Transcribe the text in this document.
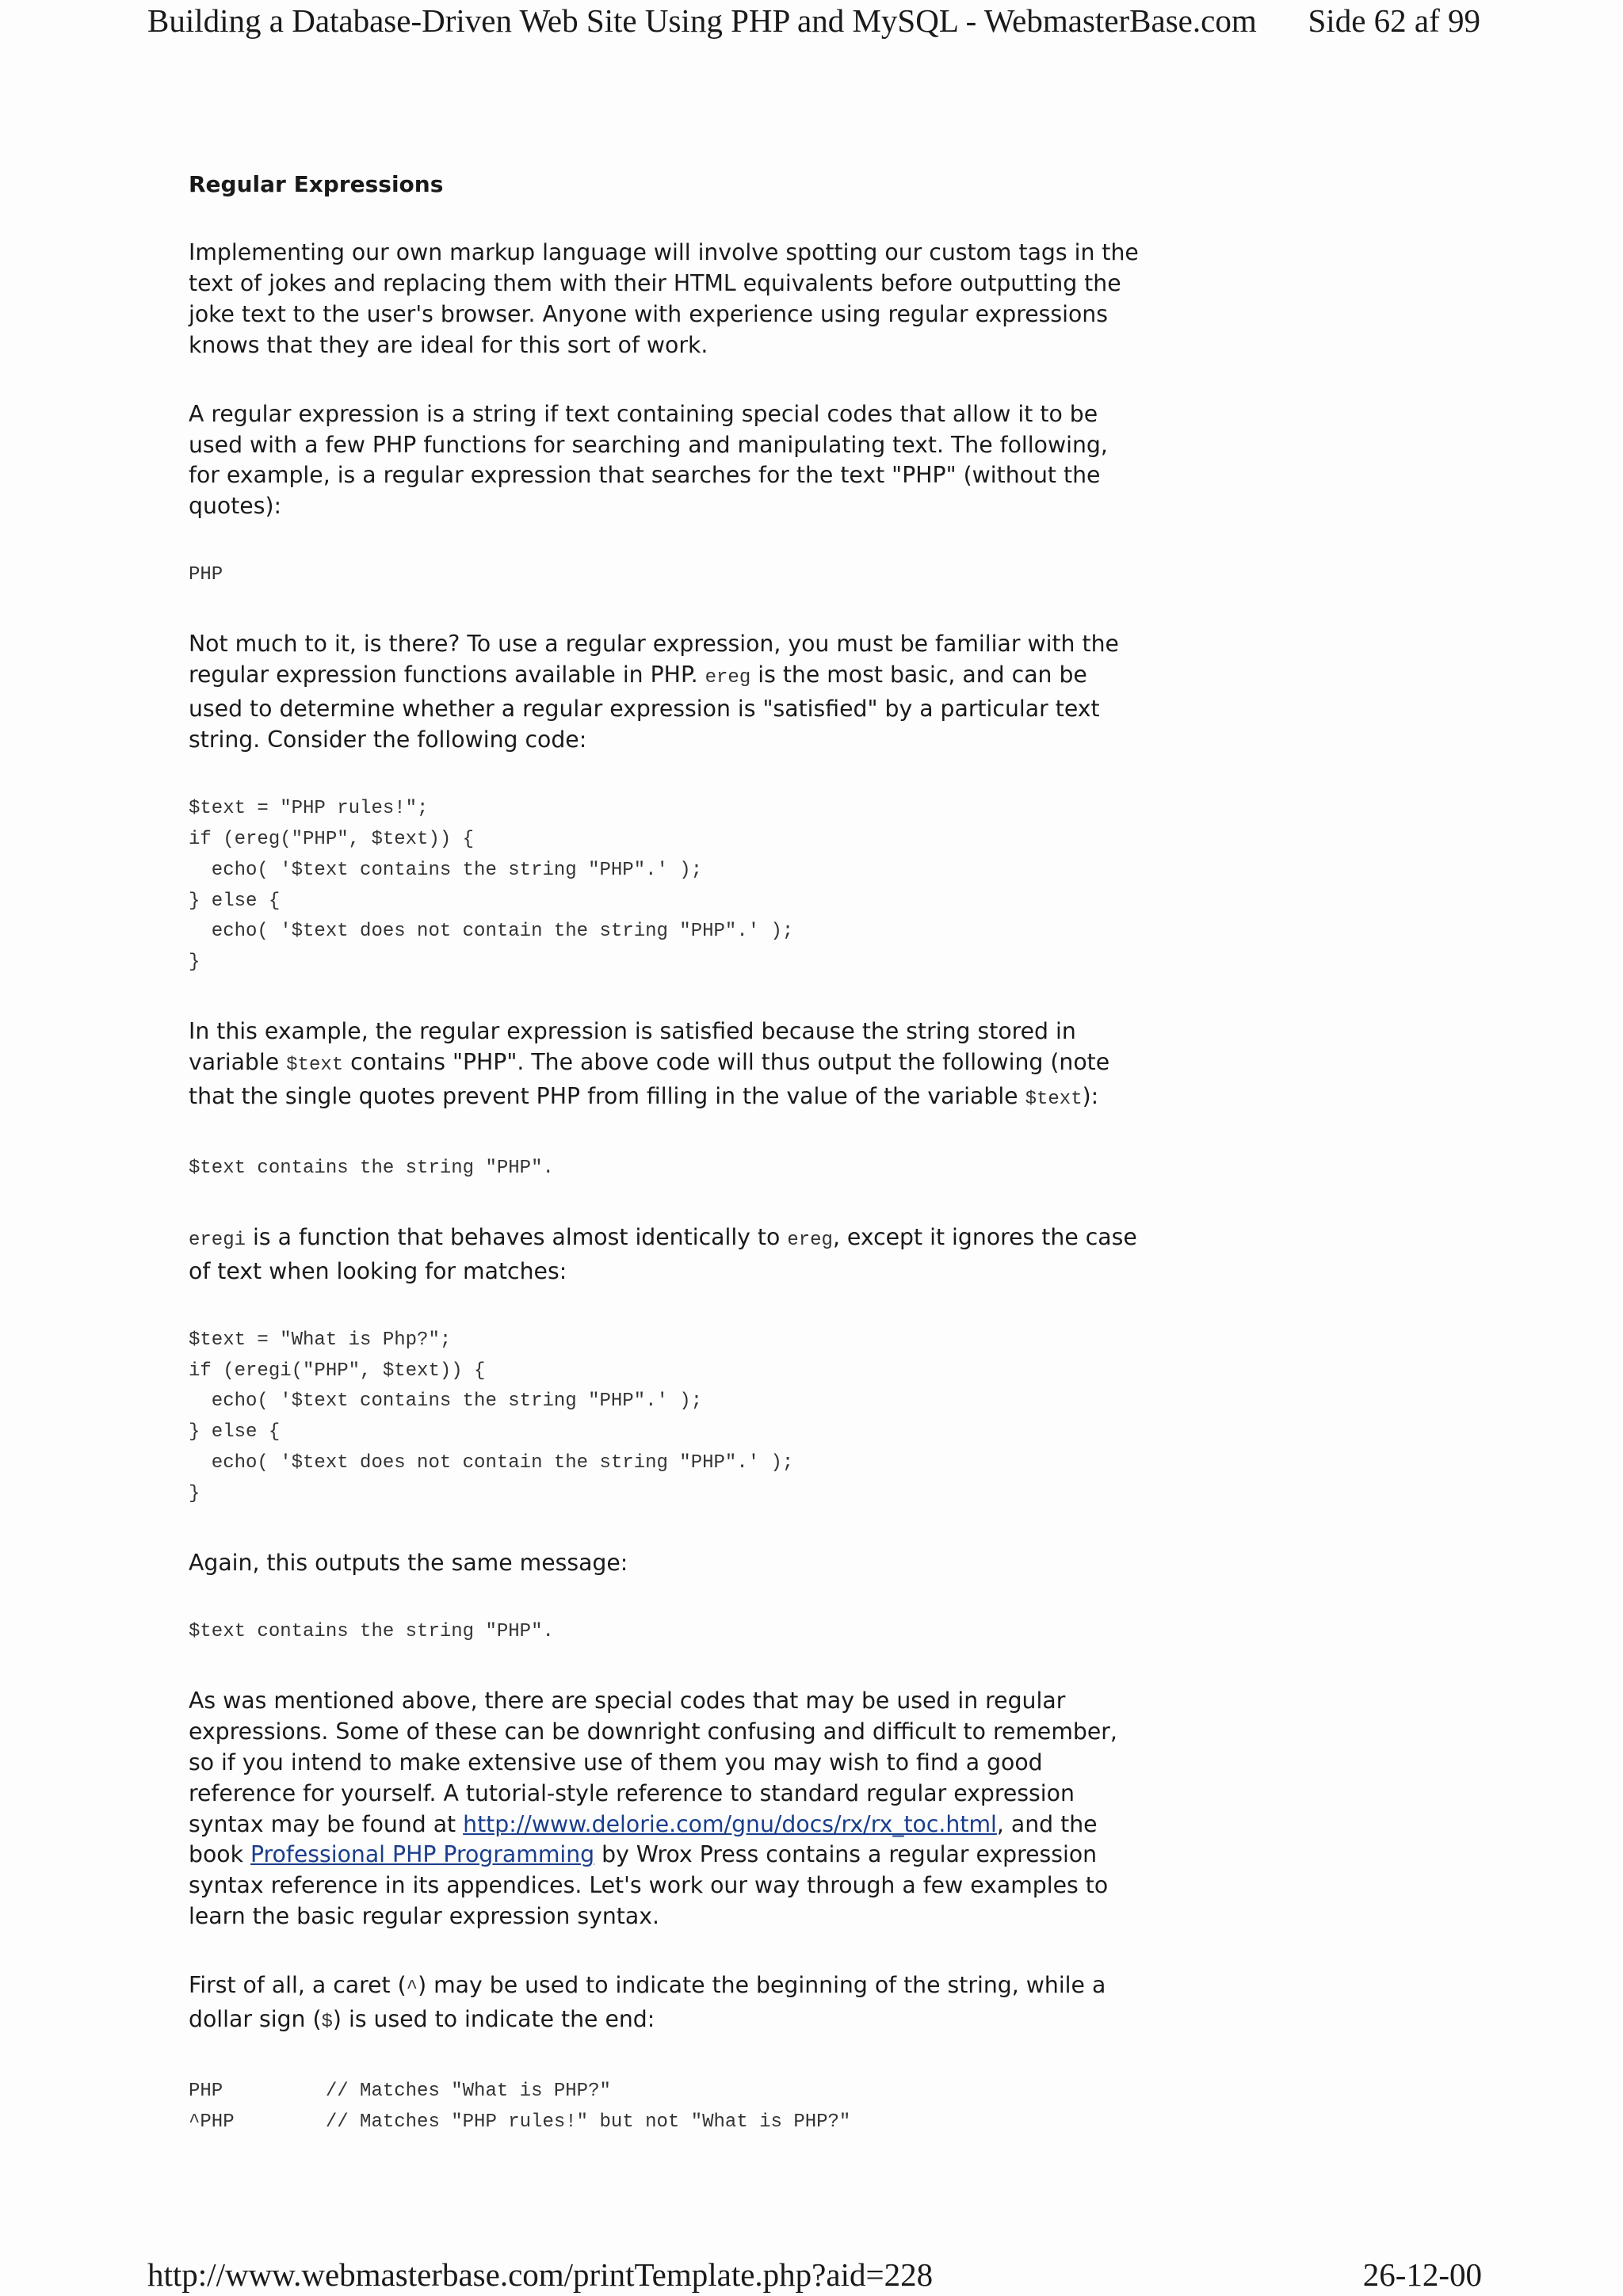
Building a Database-Driven Web Site Using PHP and MySQL - WebmasterBase.com Side 62 af 99
Regular Expressions

Implementing our own markup language will involve spotting our custom tags in the text of jokes and replacing them with their HTML equivalents before outputting the joke text to the user's browser. Anyone with experience using regular expressions knows that they are ideal for this sort of work.

A regular expression is a string if text containing special codes that allow it to be used with a few PHP functions for searching and manipulating text. The following, for example, is a regular expression that searches for the text "PHP" (without the quotes):

PHP

Not much to it, is there? To use a regular expression, you must be familiar with the regular expression functions available in PHP. ereg is the most basic, and can be used to determine whether a regular expression is "satisfied" by a particular text string. Consider the following code:

$text = "PHP rules!";
if (ereg("PHP", $text)) {
echo( '$text contains the string "PHP".' );
} else {
echo( '$text does not contain the string "PHP".' );
}

In this example, the regular expression is satisfied because the string stored in variable $text contains "PHP". The above code will thus output the following (note that the single quotes prevent PHP from filling in the value of the variable $text):

$text contains the string "PHP".

eregi is a function that behaves almost identically to ereg, except it ignores the case of text when looking for matches:

$text = "What is Php?";
if (eregi("PHP", $text)) {
echo( '$text contains the string "PHP".' );
} else {
echo( '$text does not contain the string "PHP".' );
}

Again, this outputs the same message:

$text contains the string "PHP".

As was mentioned above, there are special codes that may be used in regular expressions. Some of these can be downright confusing and difficult to remember, so if you intend to make extensive use of them you may wish to find a good reference for yourself. A tutorial-style reference to standard regular expression syntax may be found at http://www.delorie.com/gnu/docs/rx/rx_toc.html, and the book Professional PHP Programming by Wrox Press contains a regular expression syntax reference in its appendices. Let's work our way through a few examples to learn the basic regular expression syntax.

First of all, a caret (^) may be used to indicate the beginning of the string, while a dollar sign ($) is used to indicate the end:

PHP         // Matches "What is PHP?"
^PHP        // Matches "PHP rules!" but not "What is PHP?"
http://www.webmasterbase.com/printTemplate.php?aid=228	26-12-00
